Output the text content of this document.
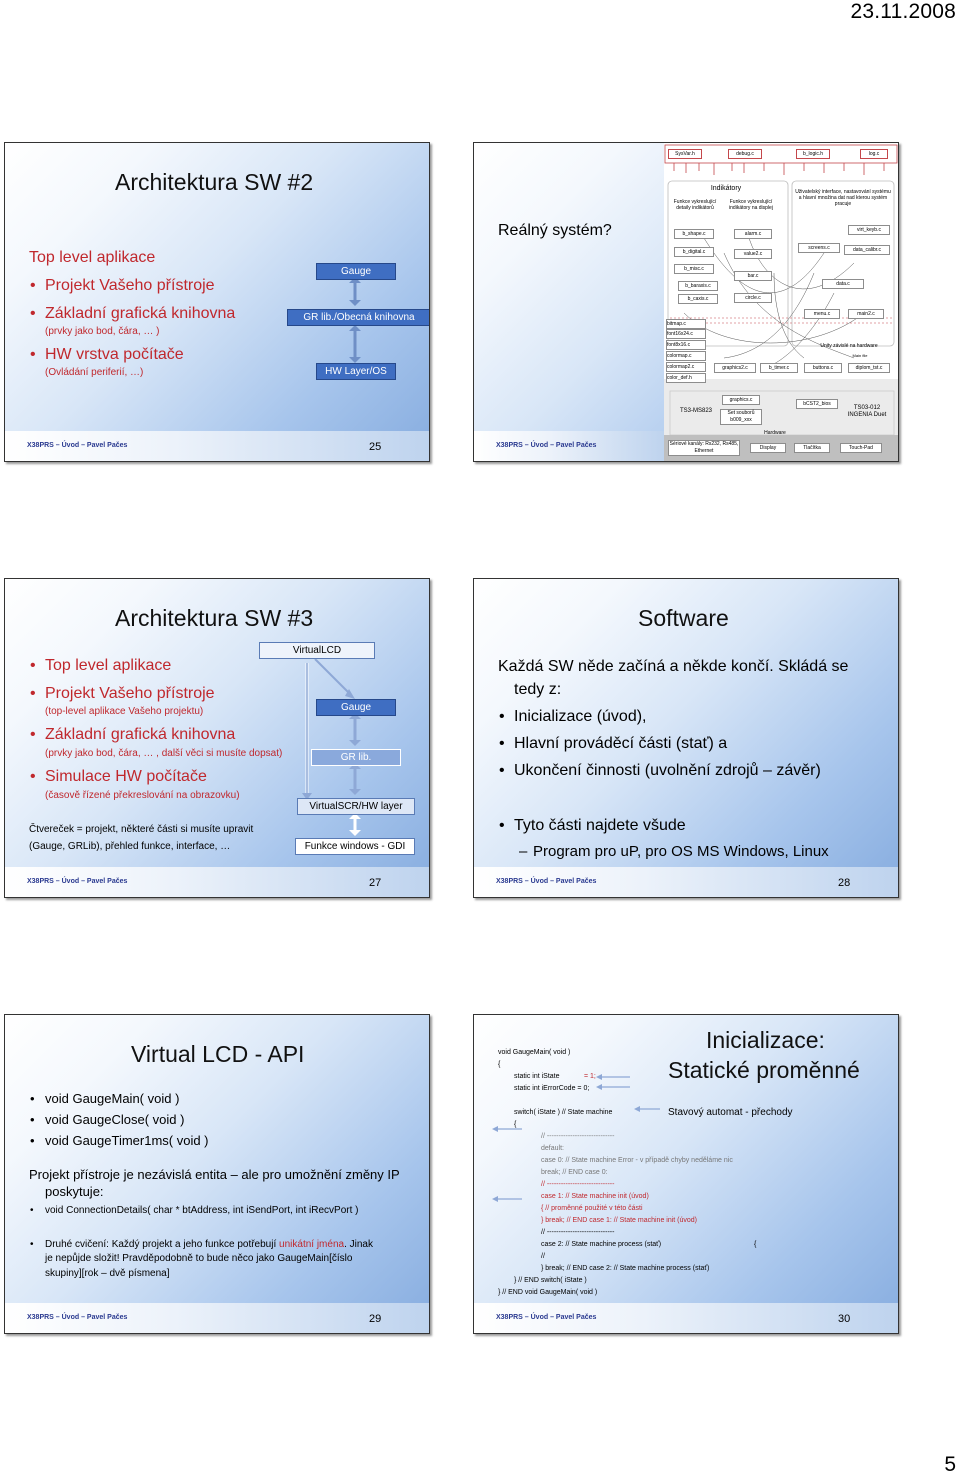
23.11.2008
Architektura SW #2
Top level aplikace
• Projekt Vašeho přístroje
• Základní grafická knihovna
(prvky jako bod, čára, … )
• HW vrstva počítače
(Ovládání periferií, …)
Gauge
GR lib./Obecná knihovna
HW Layer/OS
X38PRS – Úvod – Pavel Pačes	25
Reálný systém?
SysVar.h	debug.c	b_logic.h	log.c
Indikátory
Funkce vykreslující detaily indikátorů
Funkce vykreslující indikátory na displej
Uživatelský interface, nastavování systému a hlavní množina dat nad kterou systém pracuje
b_shape.c
b_digital.c
b_misc.c
b_baraxis.c
b_caxis.c
alarm.c
value2.c
bar.c
circle.c
virt_keyb.c
screens.c	data_calibr.c
data.c
menu.c	main2.c
bitmap.c
font16x24.c
font8x16.c
colormap.c
colormap2.c
color_def.h
graphics2.c	b_timer.c	buttons.c	diplom_tst.c
Unity závislé na hardware
Main file
graphics.c
TS3-MS823	Set souborů b009_xxx
bCST2_bios
TS03-012 INGENIA Duet
Hardware
Sériové kanály: Rs232, Rs485, Ethernet	Display	Tlačítka	Touch-Pad
X38PRS – Úvod – Pavel Pačes
Architektura SW #3
• Top level aplikace
• Projekt Vašeho přístroje
(top-level aplikace Vašeho projektu)
• Základní grafická knihovna
(prvky jako bod, čára, … , další věci si musíte dopsat)
• Simulace HW počítače
(časově řízené překreslování na obrazovku)
Čtvereček = projekt, některé části si musíte upravit
(Gauge, GRLib), přehled funkce, interface, …
VirtualLCD
Gauge
GR lib.
VirtualSCR/HW layer
Funkce windows - GDI
X38PRS – Úvod – Pavel Pačes	27
Software
Každá SW něde začíná a někde končí. Skládá se
tedy z:
• Inicializace (úvod),
• Hlavní prováděcí části (stať) a
• Ukončení činnosti (uvolnění zdrojů – závěr)
• Tyto části najdete všude
– Program pro uP, pro OS MS Windows, Linux
X38PRS – Úvod – Pavel Pačes	28
Virtual LCD - API
• void GaugeMain( void )
• void GaugeClose( void )
• void GaugeTimer1ms( void )
Projekt přístroje je nezávislá entita – ale pro umožnění změny IP
poskytuje:
• void ConnectionDetails( char * btAddress, int iSendPort, int iRecvPort )
• Druhé cvičení: Každý projekt a jeho funkce potřebují unikátní jména. Jinak
je nepůjde složit! Pravděpodobně to bude něco jako GaugeMain[číslo
skupiny][rok – dvě písmena]
X38PRS – Úvod – Pavel Pačes	29
Inicializace:
Statické proměnné
Stavový automat - přechody
void GaugeMain( void )
{
static int iState	= 1;
static int iErrorCode = 0;
switch( iState ) // State machine
{
// -----------------------------
default:
case 0: // State machine Error - v případě chyby neděláme nic
break; // END case 0:
// -----------------------------
case 1: // State machine init (úvod)
{ // proměnné použité v této části
} break; // END case 1: // State machine init (úvod)
// -----------------------------
case 2: // State machine process (stať)	{
//
} break; // END case 2: // State machine process (stať)
} // END switch( iState )
} // END void GaugeMain( void )
X38PRS – Úvod – Pavel Pačes	30
5
